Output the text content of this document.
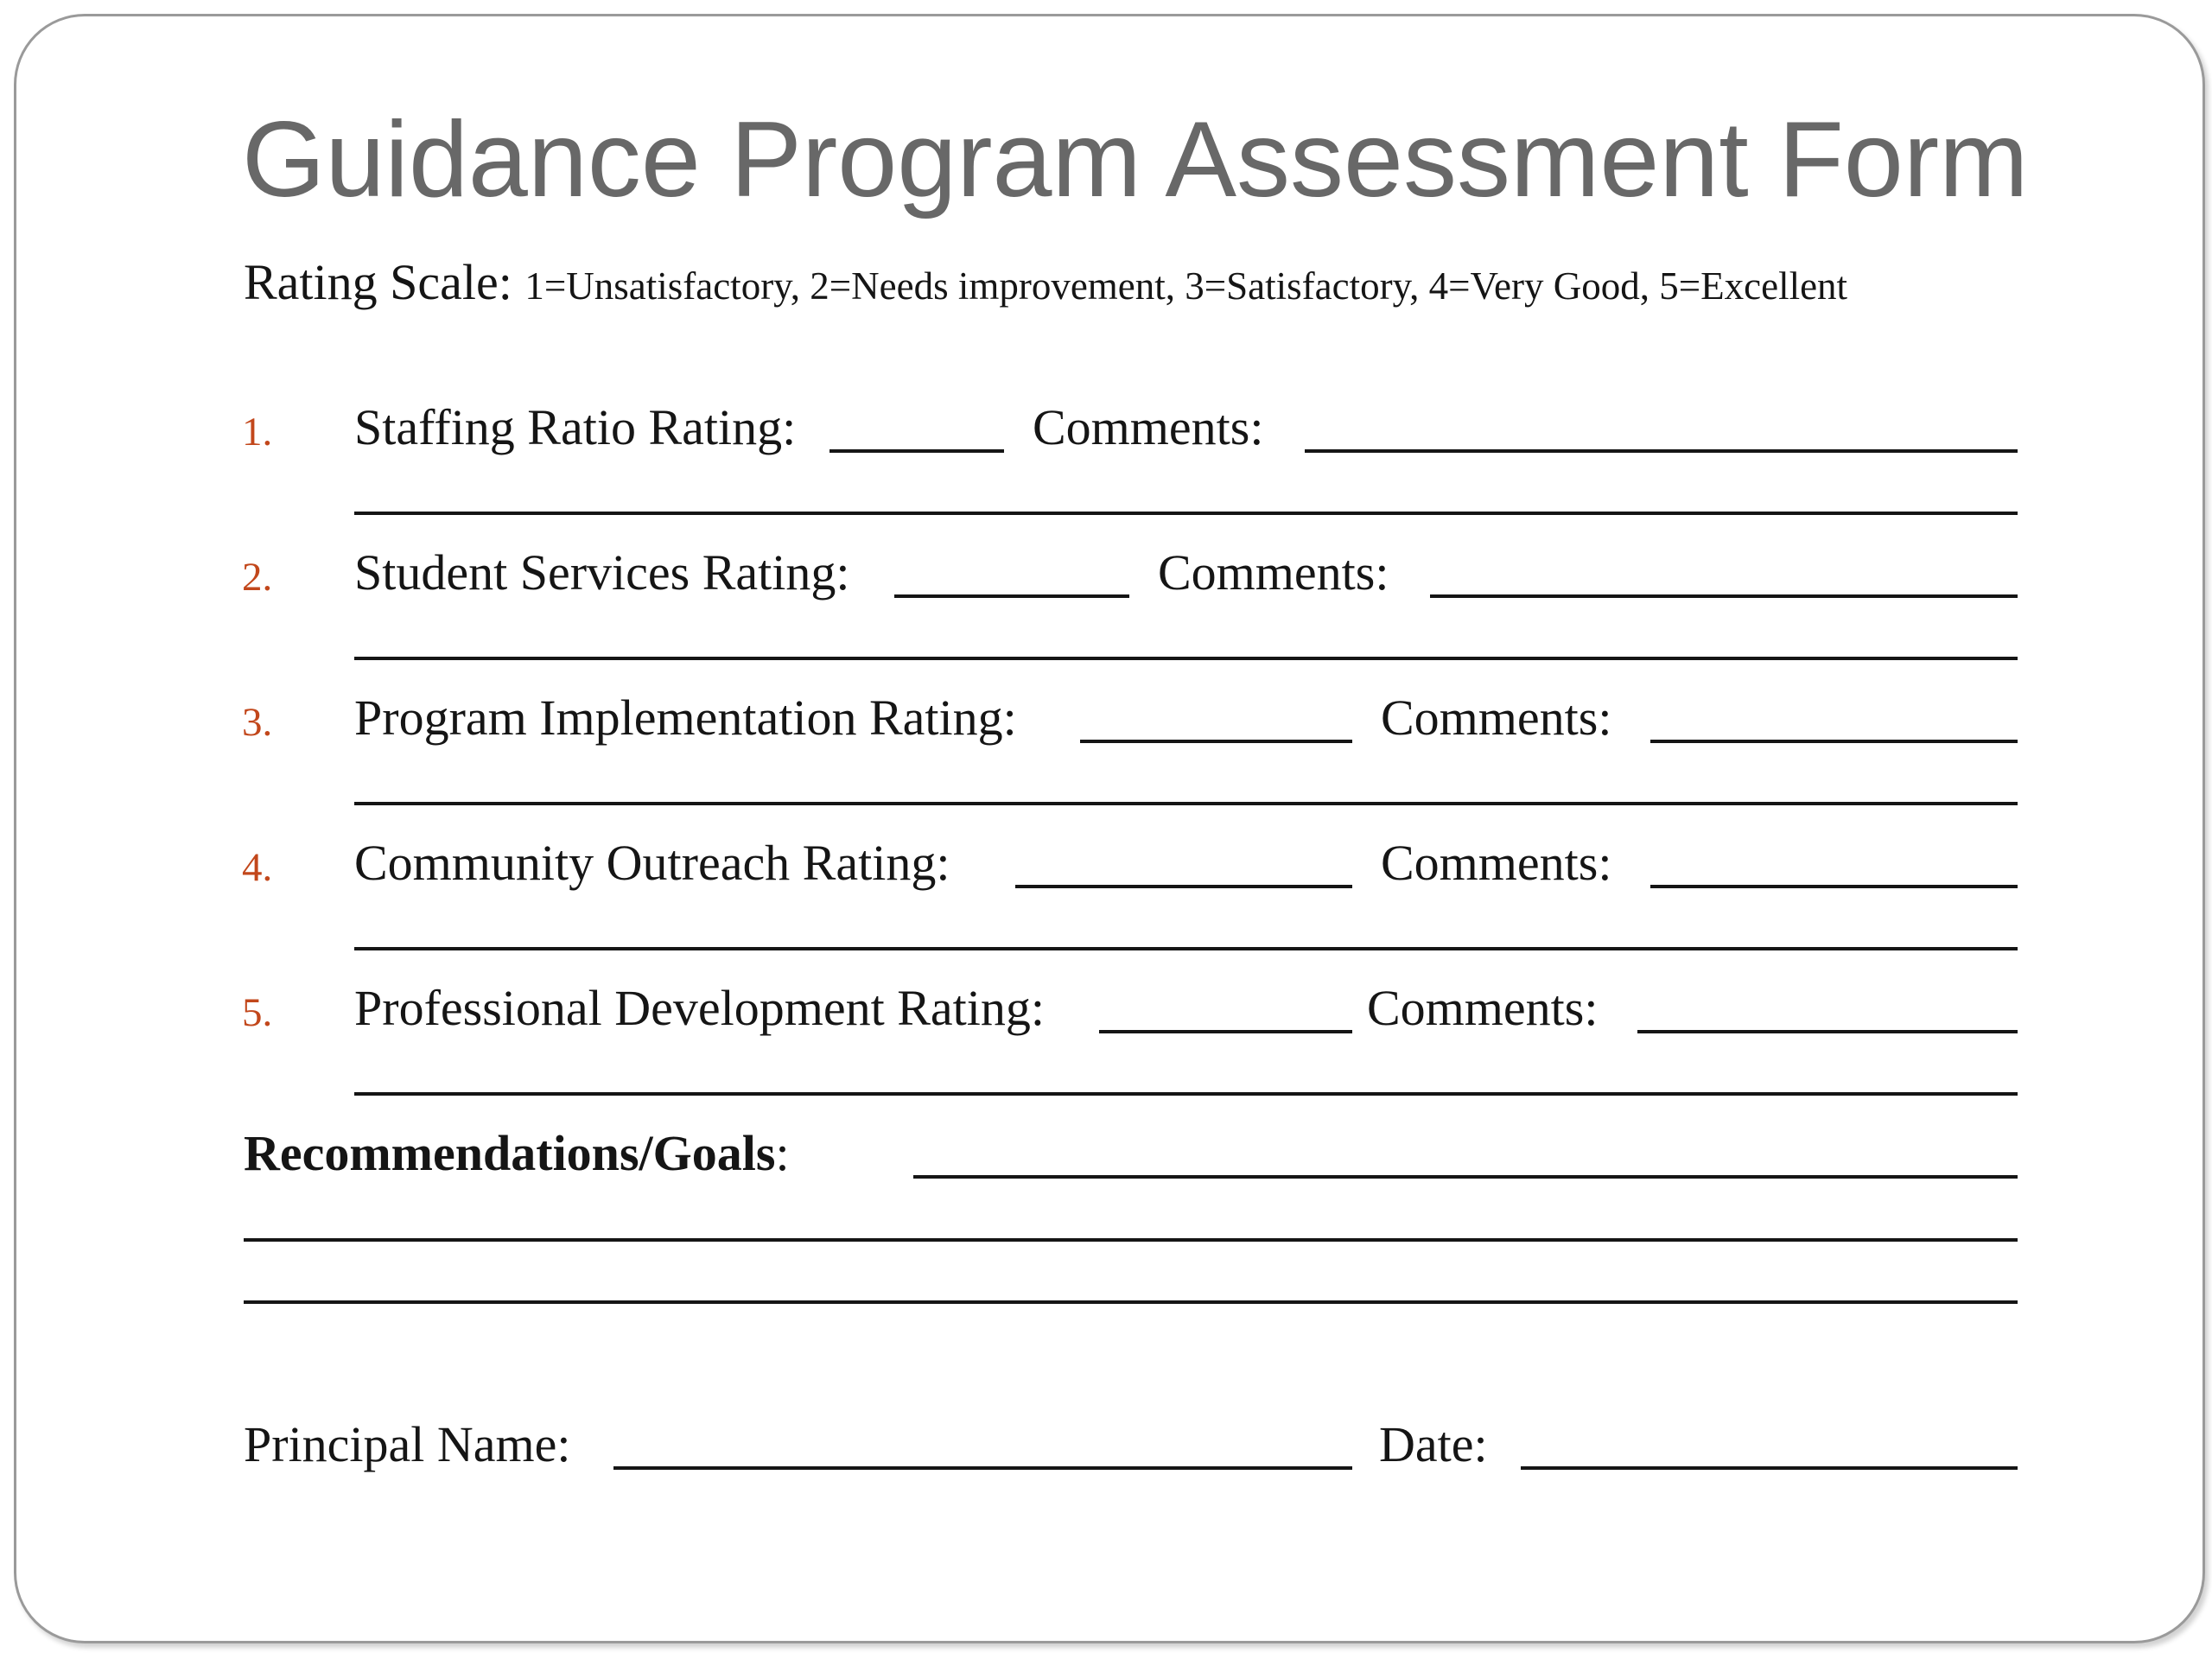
Guidance Program Assessment Form
Rating Scale: 1=Unsatisfactory, 2=Needs improvement, 3=Satisfactory, 4=Very Good, 5=Excellent
1. Staffing Ratio Rating:	Comments:
2. Student Services Rating:	Comments:
3. Program Implementation Rating:	Comments:
4. Community Outreach Rating:	Comments:
5. Professional Development Rating:	Comments:
Recommendations/Goals:
Principal Name:	Date:
